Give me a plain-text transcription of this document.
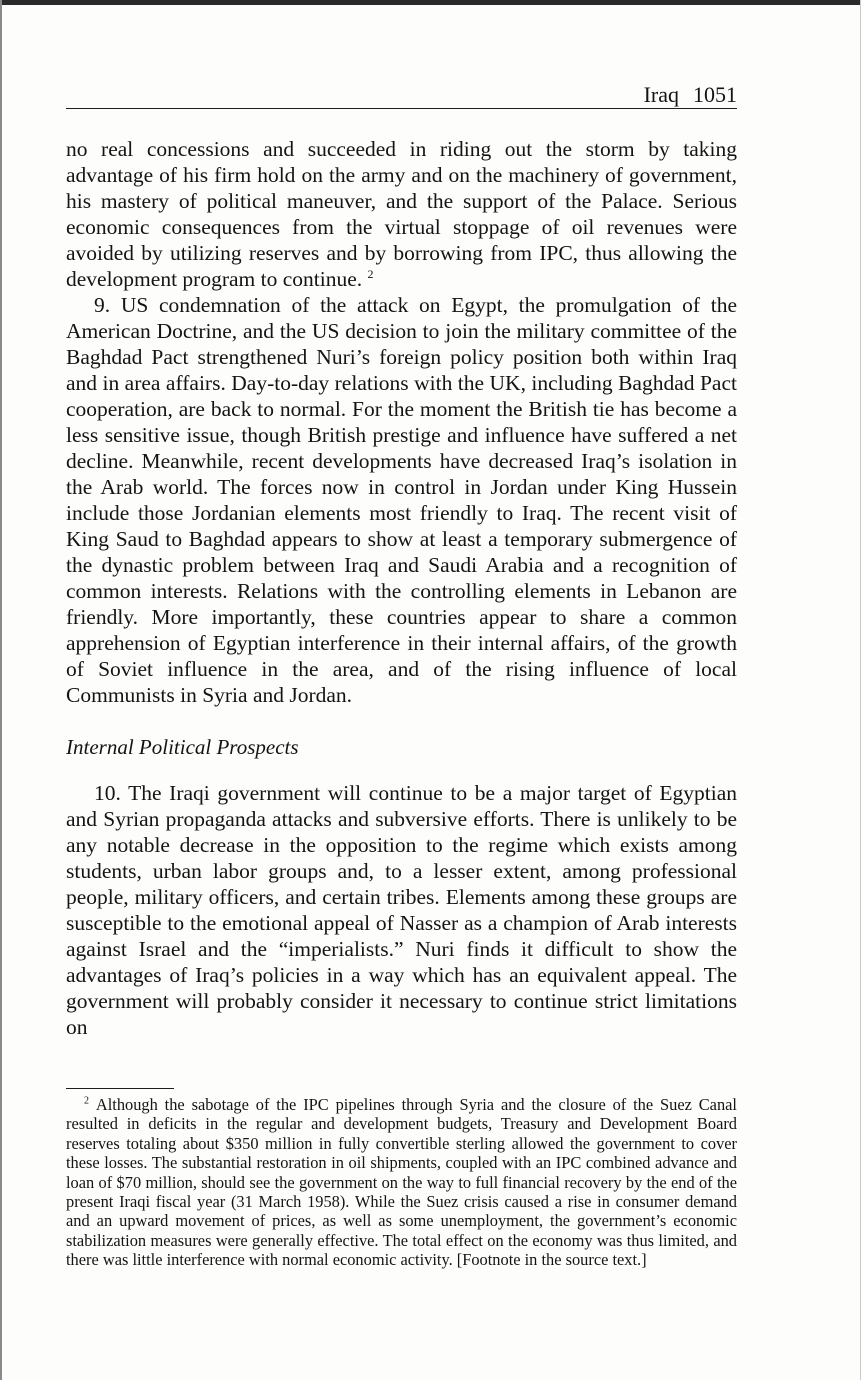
Iraq 1051

no real concessions and succeeded in riding out the storm by taking advantage of his firm hold on the army and on the machinery of government, his mastery of political maneuver, and the support of the Palace. Serious economic consequences from the virtual stoppage of oil revenues were avoided by utilizing reserves and by borrowing from IPC, thus allowing the development program to continue. $^2$

9. US condemnation of the attack on Egypt, the promulgation of the American Doctrine, and the US decision to join the military committee of the Baghdad Pact strengthened Nuri’s foreign policy position both within Iraq and in area affairs. Day-to-day relations with the UK, including Baghdad Pact cooperation, are back to normal. For the moment the British tie has become a less sensitive issue, though British prestige and influence have suffered a net decline. Meanwhile, recent developments have decreased Iraq’s isolation in the Arab world. The forces now in control in Jordan under King Hussein include those Jordanian elements most friendly to Iraq. The recent visit of King Saud to Baghdad appears to show at least a temporary submergence of the dynastic problem between Iraq and Saudi Arabia and a recognition of common interests. Relations with the controlling elements in Lebanon are friendly. More importantly, these countries appear to share a common apprehension of Egyptian interference in their internal affairs, of the growth of Soviet influence in the area, and of the rising influence of local Communists in Syria and Jordan.

Internal Political Prospects

10. The Iraqi government will continue to be a major target of Egyptian and Syrian propaganda attacks and subversive efforts. There is unlikely to be any notable decrease in the opposition to the regime which exists among students, urban labor groups and, to a lesser extent, among professional people, military officers, and certain tribes. Elements among these groups are susceptible to the emotional appeal of Nasser as a champion of Arab interests against Israel and the “imperialists.” Nuri finds it difficult to show the advantages of Iraq’s policies in a way which has an equivalent appeal. The government will probably consider it necessary to continue strict limitations on

$^2$ Although the sabotage of the IPC pipelines through Syria and the closure of the Suez Canal resulted in deficits in the regular and development budgets, Treasury and Development Board reserves totaling about $350 million in fully convertible sterling allowed the government to cover these losses. The substantial restoration in oil shipments, coupled with an IPC combined advance and loan of $70 million, should see the government on the way to full financial recovery by the end of the present Iraqi fiscal year (31 March 1958). While the Suez crisis caused a rise in consumer demand and an upward movement of prices, as well as some unemployment, the government’s economic stabilization measures were generally effective. The total effect on the economy was thus limited, and there was little interference with normal economic activity. [Footnote in the source text.]
